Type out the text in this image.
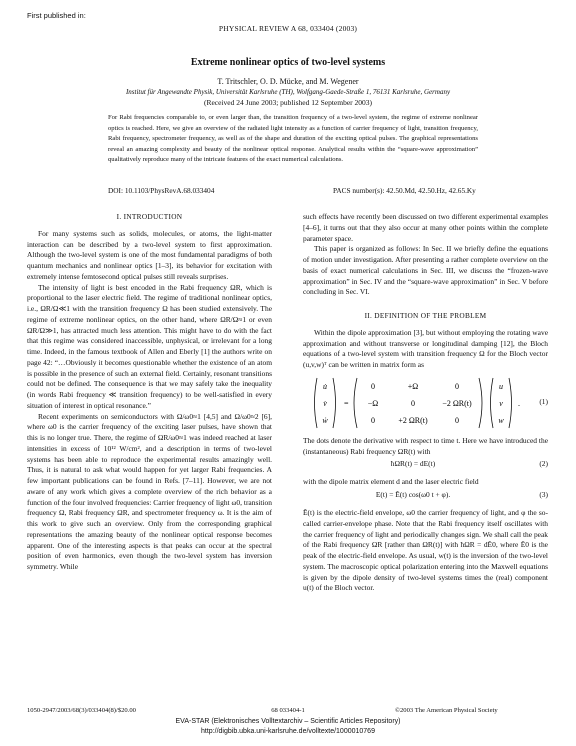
First published in:
PHYSICAL REVIEW A 68, 033404 (2003)
Extreme nonlinear optics of two-level systems
T. Tritschler, O. D. Mücke, and M. Wegener
Institut für Angewandte Physik, Universität Karlsruhe (TH), Wolfgang-Gaede-Straße 1, 76131 Karlsruhe, Germany
(Received 24 June 2003; published 12 September 2003)
For Rabi frequencies comparable to, or even larger than, the transition frequency of a two-level system, the regime of extreme nonlinear optics is reached. Here, we give an overview of the radiated light intensity as a function of carrier frequency of light, transition frequency, Rabi frequency, spectrometer frequency, as well as of the shape and duration of the exciting optical pulses. The graphical representations reveal an amazing complexity and beauty of the nonlinear optical response. Analytical results within the “square-wave approximation” qualitatively reproduce many of the intricate features of the exact numerical calculations.
DOI: 10.1103/PhysRevA.68.033404	PACS number(s): 42.50.Md, 42.50.Hz, 42.65.Ky
I. INTRODUCTION

For many systems such as solids, molecules, or atoms, the light-matter interaction can be described by a two-level system to first approximation. Although the two-level system is one of the most fundamental paradigms of both quantum mechanics and nonlinear optics [1–3], its behavior for excitation with extremely intense femtosecond optical pulses still reveals surprises.

The intensity of light is best encoded in the Rabi frequency ΩR, which is proportional to the laser electric field. The regime of traditional nonlinear optics, i.e., ΩR/Ω≪1 with the transition frequency Ω has been studied extensively. The regime of extreme nonlinear optics, on the other hand, where ΩR/Ω≈1 or even ΩR/Ω≫1, has attracted much less attention. This might have to do with the fact that this regime was considered inaccessible, unphysical, or irrelevant for a long time. Indeed, in the famous textbook of Allen and Eberly [1] the authors write on page 42: “…Obviously it becomes questionable whether the existence of an atom is possible in the presence of such an external field. Certainly, resonant transitions could not be defined. The consequence is that we may safely take the inequality (in words Rabi frequency ≪ transition frequency) to be well-satisfied in every situation of interest in optical resonance.”

Recent experiments on semiconductors with Ω/ω0≈1 [4,5] and Ω/ω0≈2 [6], where ω0 is the carrier frequency of the exciting laser pulses, have shown that this is no longer true. There, the regime of ΩR/ω0≈1 was indeed reached at laser intensities in excess of 10¹² W/cm², and a description in terms of two-level systems has been able to reproduce the experimental results amazingly well. Thus, it is natural to ask what would happen for yet larger Rabi frequencies. A few important publications can be found in Refs. [7–11]. However, we are not aware of any work which gives a complete overview of the rich behavior as a function of the four involved frequencies: Carrier frequency of light ω0, transition frequency Ω, Rabi frequency ΩR, and spectrometer frequency ω. It is the aim of this work to give such an overview. Only from the corresponding graphical representations the amazing beauty of the nonlinear optical response becomes apparent. One of the interesting aspects is that peaks can occur at the spectral position of even harmonics, even though the two-level system has inversion symmetry. While

such effects have recently been discussed on two different experimental examples [4–6], it turns out that they also occur at many other points within the complete parameter space.

This paper is organized as follows: In Sec. II we briefly define the equations of motion under investigation. After presenting a rather complete overview on the basis of exact numerical calculations in Sec. III, we discuss the “frozen-wave approximation” in Sec. IV and the “square-wave approximation” in Sec. V before concluding in Sec. VI.

II. DEFINITION OF THE PROBLEM

Within the dipole approximation [3], but without employing the rotating wave approximation and without transverse or longitudinal damping [12], the Bloch equations of a two-level system with transition frequency Ω for the Bloch vector (u,v,w)ᵀ can be written in matrix form as

u̇
v̇
ẇ
=
0	+Ω	0
−Ω	0	−2 ΩR(t)
0	+2 ΩR(t)	0
u
v
w
.	(1)

The dots denote the derivative with respect to time t. Here we have introduced the (instantaneous) Rabi frequency ΩR(t) with

ħΩR(t) = dE(t)	(2)

with the dipole matrix element d and the laser electric field

E(t) = Ẽ(t) cos(ω0 t + φ).	(3)

Ẽ(t) is the electric-field envelope, ω0 the carrier frequency of light, and φ the so-called carrier-envelope phase. Note that the Rabi frequency itself oscillates with the carrier frequency of light and periodically changes sign. We shall call the peak of the Rabi frequency ΩR [rather than ΩR(t)] with ħΩR = dẼ0, where Ẽ0 is the peak of the electric-field envelope. As usual, w(t) is the inversion of the two-level system. The macroscopic optical polarization entering into the Maxwell equations is given by the dipole density of two-level systems times the (real) component u(t) of the Bloch vector.

1050-2947/2003/68(3)/033404(8)/$20.00	68 033404-1	©2003 The American Physical Society
EVA-STAR (Elektronisches Volltextarchiv – Scientific Articles Repository)
http://digbib.ubka.uni-karlsruhe.de/volltexte/1000010769
